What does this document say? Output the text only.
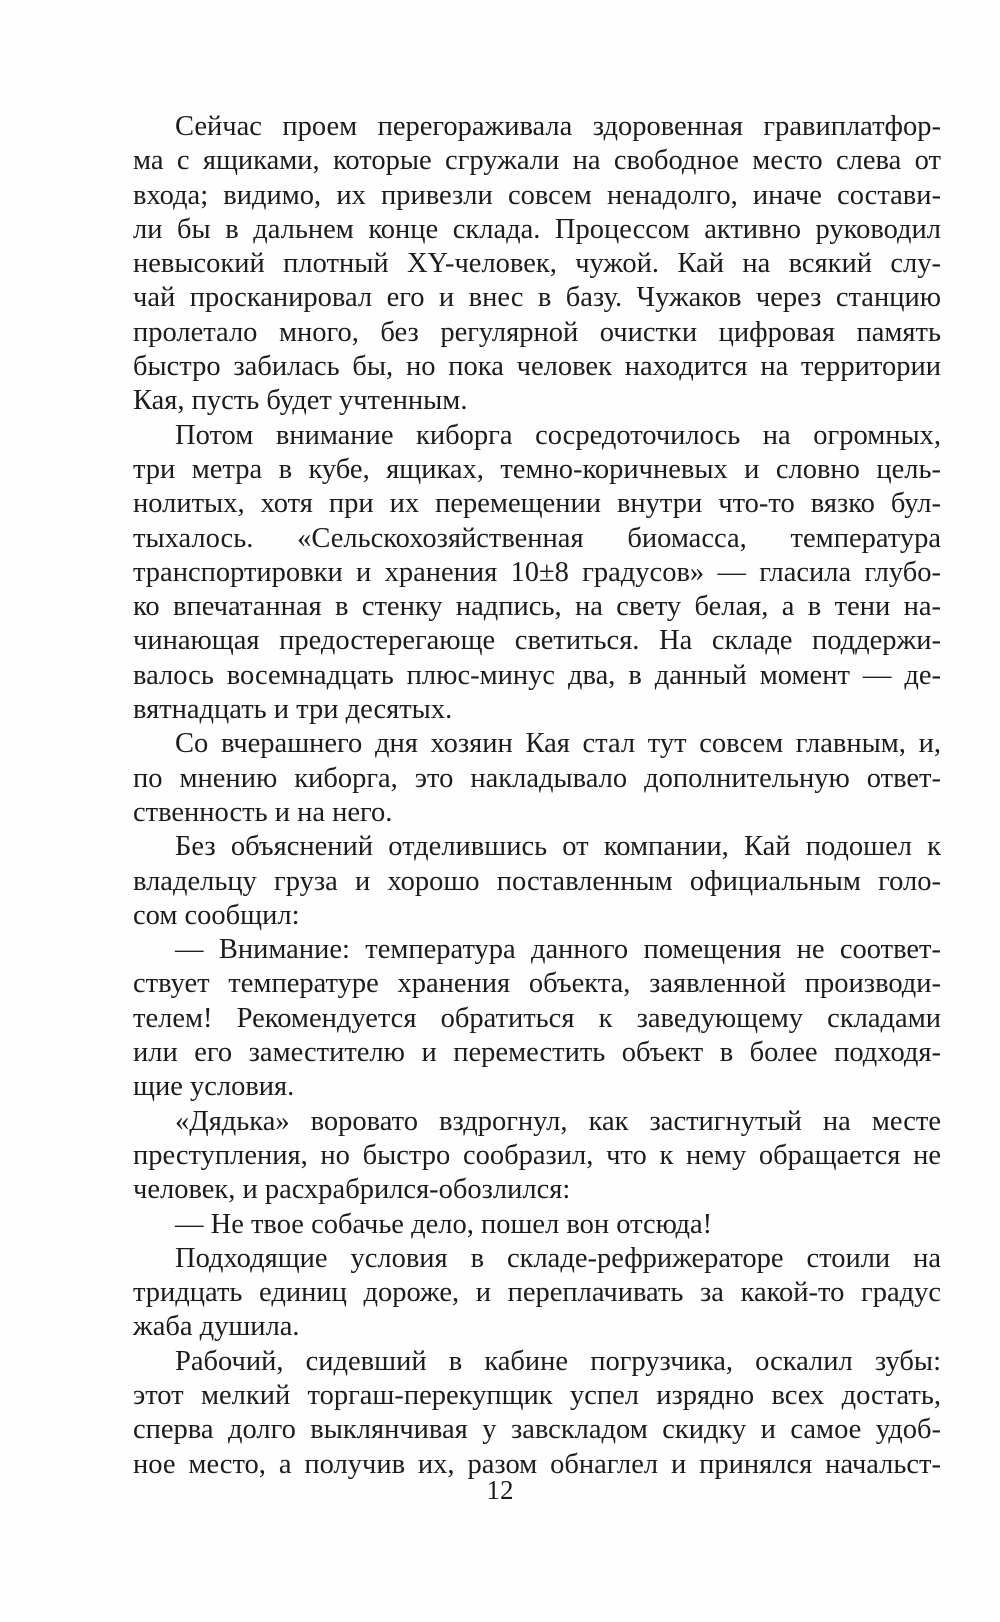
Сейчас проем перегораживала здоровенная гравиплатфор-
ма с ящиками, которые сгружали на свободное место слева от
входа; видимо, их привезли совсем ненадолго, иначе состави-
ли бы в дальнем конце склада. Процессом активно руководил
невысокий плотный XY-человек, чужой. Кай на всякий слу-
чай просканировал его и внес в базу. Чужаков через станцию
пролетало много, без регулярной очистки цифровая память
быстро забилась бы, но пока человек находится на территории
Кая, пусть будет учтенным.
Потом внимание киборга сосредоточилось на огромных,
три метра в кубе, ящиках, темно-коричневых и словно цель-
нолитых, хотя при их перемещении внутри что-то вязко бул-
тыхалось. «Сельскохозяйственная биомасса, температура
транспортировки и хранения 10±8 градусов» — гласила глубо-
ко впечатанная в стенку надпись, на свету белая, а в тени на-
чинающая предостерегающе светиться. На складе поддержи-
валось восемнадцать плюс-минус два, в данный момент — де-
вятнадцать и три десятых.
Со вчерашнего дня хозяин Кая стал тут совсем главным, и,
по мнению киборга, это накладывало дополнительную ответ-
ственность и на него.
Без объяснений отделившись от компании, Кай подошел к
владельцу груза и хорошо поставленным официальным голо-
сом сообщил:
— Внимание: температура данного помещения не соответ-
ствует температуре хранения объекта, заявленной производи-
телем! Рекомендуется обратиться к заведующему складами
или его заместителю и переместить объект в более подходя-
щие условия.
«Дядька» воровато вздрогнул, как застигнутый на месте
преступления, но быстро сообразил, что к нему обращается не
человек, и расхрабрился-обозлился:
— Не твое собачье дело, пошел вон отсюда!
Подходящие условия в складе-рефрижераторе стоили на
тридцать единиц дороже, и переплачивать за какой-то градус
жаба душила.
Рабочий, сидевший в кабине погрузчика, оскалил зубы:
этот мелкий торгаш-перекупщик успел изрядно всех достать,
сперва долго выклянчивая у завскладом скидку и самое удоб-
ное место, а получив их, разом обнаглел и принялся начальст-
12
